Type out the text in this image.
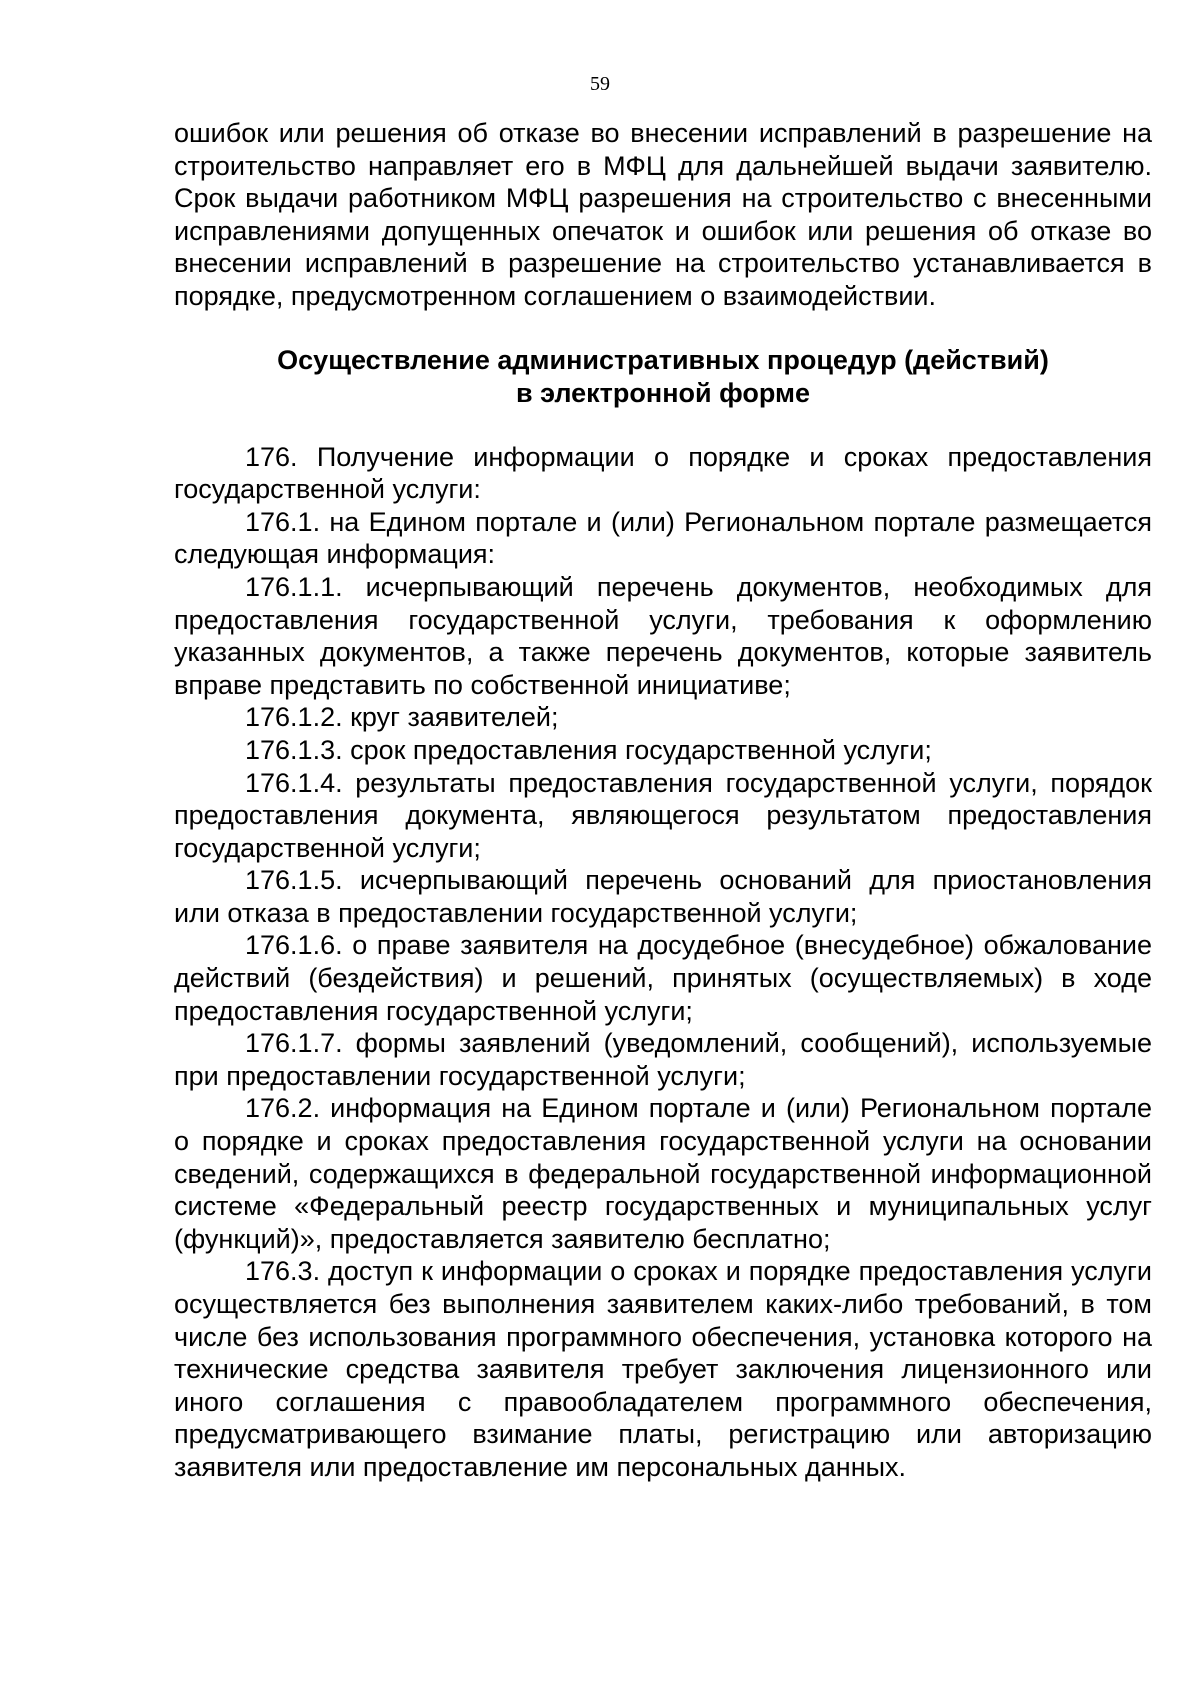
59

ошибок или решения об отказе во внесении исправлений в разрешение на строительство направляет его в МФЦ для дальнейшей выдачи заявителю. Срок выдачи работником МФЦ разрешения на строительство с внесенными исправлениями допущенных опечаток и ошибок или решения об отказе во внесении исправлений в разрешение на строительство устанавливается в порядке, предусмотренном соглашением о взаимодействии.

Осуществление административных процедур (действий)
в электронной форме

176. Получение информации о порядке и сроках предоставления государственной услуги:

176.1. на Едином портале и (или) Региональном портале размещается следующая информация:

176.1.1. исчерпывающий перечень документов, необходимых для предоставления государственной услуги, требования к оформлению указанных документов, а также перечень документов, которые заявитель вправе представить по собственной инициативе;

176.1.2. круг заявителей;

176.1.3. срок предоставления государственной услуги;

176.1.4. результаты предоставления государственной услуги, порядок предоставления документа, являющегося результатом предоставления государственной услуги;

176.1.5. исчерпывающий перечень оснований для приостановления или отказа в предоставлении государственной услуги;

176.1.6. о праве заявителя на досудебное (внесудебное) обжалование действий (бездействия) и решений, принятых (осуществляемых) в ходе предоставления государственной услуги;

176.1.7. формы заявлений (уведомлений, сообщений), используемые при предоставлении государственной услуги;

176.2. информация на Едином портале и (или) Региональном портале о порядке и сроках предоставления государственной услуги на основании сведений, содержащихся в федеральной государственной информационной системе «Федеральный реестр государственных и муниципальных услуг (функций)», предоставляется заявителю бесплатно;

176.3. доступ к информации о сроках и порядке предоставления услуги осуществляется без выполнения заявителем каких-либо требований, в том числе без использования программного обеспечения, установка которого на технические средства заявителя требует заключения лицензионного или иного соглашения с правообладателем программного обеспечения, предусматривающего взимание платы, регистрацию или авторизацию заявителя или предоставление им персональных данных.
